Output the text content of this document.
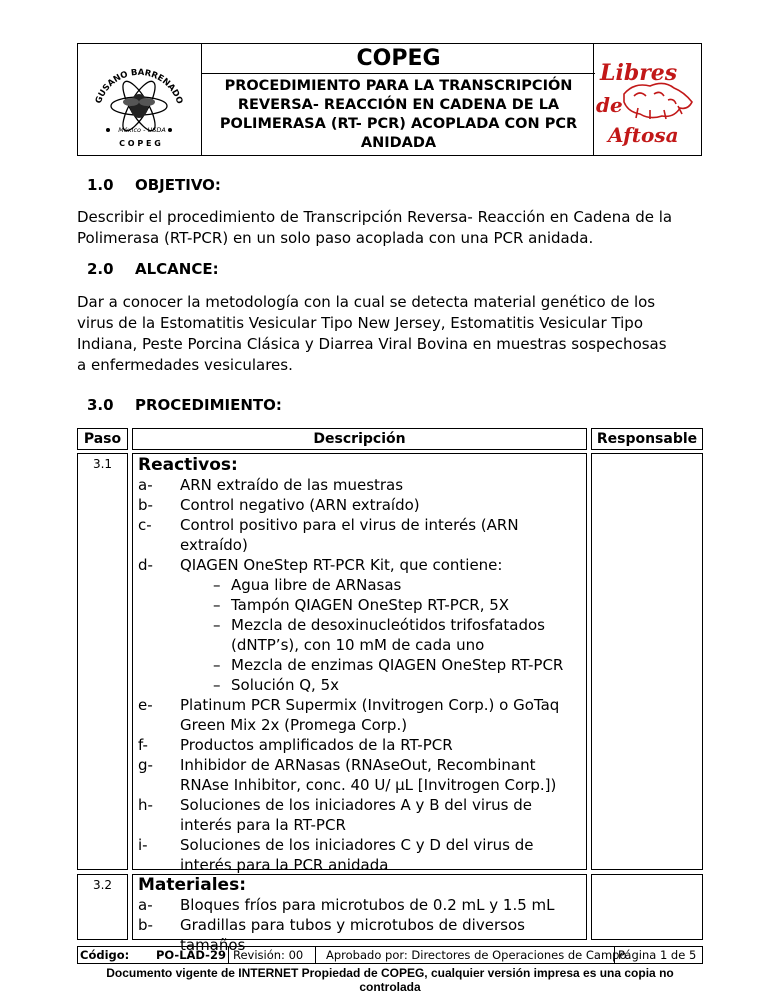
GUSANO BARRENADO
México - USDA
C O P E G
COPEG
PROCEDIMIENTO PARA LA TRANSCRIPCIÓN
REVERSA- REACCIÓN EN CADENA DE LA
POLIMERASA (RT- PCR) ACOPLADA CON PCR
ANIDADA
Libres
de
Aftosa
1.0 OBJETIVO:
Describir el procedimiento de Transcripción Reversa- Reacción en Cadena de la
Polimerasa (RT-PCR) en un solo paso acoplada con una PCR anidada.
2.0 ALCANCE:
Dar a conocer la metodología con la cual se detecta material genético de los
virus de la Estomatitis Vesicular Tipo New Jersey, Estomatitis Vesicular Tipo
Indiana, Peste Porcina Clásica y Diarrea Viral Bovina en muestras sospechosas
a enfermedades vesiculares.
3.0 PROCEDIMIENTO:
Paso	Descripción	Responsable
3.1	Reactivos:
a- ARN extraído de las muestras
b- Control negativo (ARN extraído)
c- Control positivo para el virus de interés (ARN
extraído)
d- QIAGEN OneStep RT-PCR Kit, que contiene:
– Agua libre de ARNasas
– Tampón QIAGEN OneStep RT-PCR, 5X
– Mezcla de desoxinucleótidos trifosfatados
(dNTP’s), con 10 mM de cada uno
– Mezcla de enzimas QIAGEN OneStep RT-PCR
– Solución Q, 5x
e- Platinum PCR Supermix (Invitrogen Corp.) o GoTaq
Green Mix 2x (Promega Corp.)
f- Productos amplificados de la RT-PCR
g- Inhibidor de ARNasas (RNAseOut, Recombinant
RNAse Inhibitor, conc. 40 U/ µL [Invitrogen Corp.])
h- Soluciones de los iniciadores A y B del virus de
interés para la RT-PCR
i- Soluciones de los iniciadores C y D del virus de
interés para la PCR anidada
3.2	Materiales:
a- Bloques fríos para microtubos de 0.2 mL y 1.5 mL
b- Gradillas para tubos y microtubos de diversos
tamaños
Código: PO-LAD-29 Revisión: 00 Aprobado por: Directores de Operaciones de Campo
Página 1 de 5
Documento vigente de INTERNET Propiedad de COPEG, cualquier versión impresa es una copia no controlada
